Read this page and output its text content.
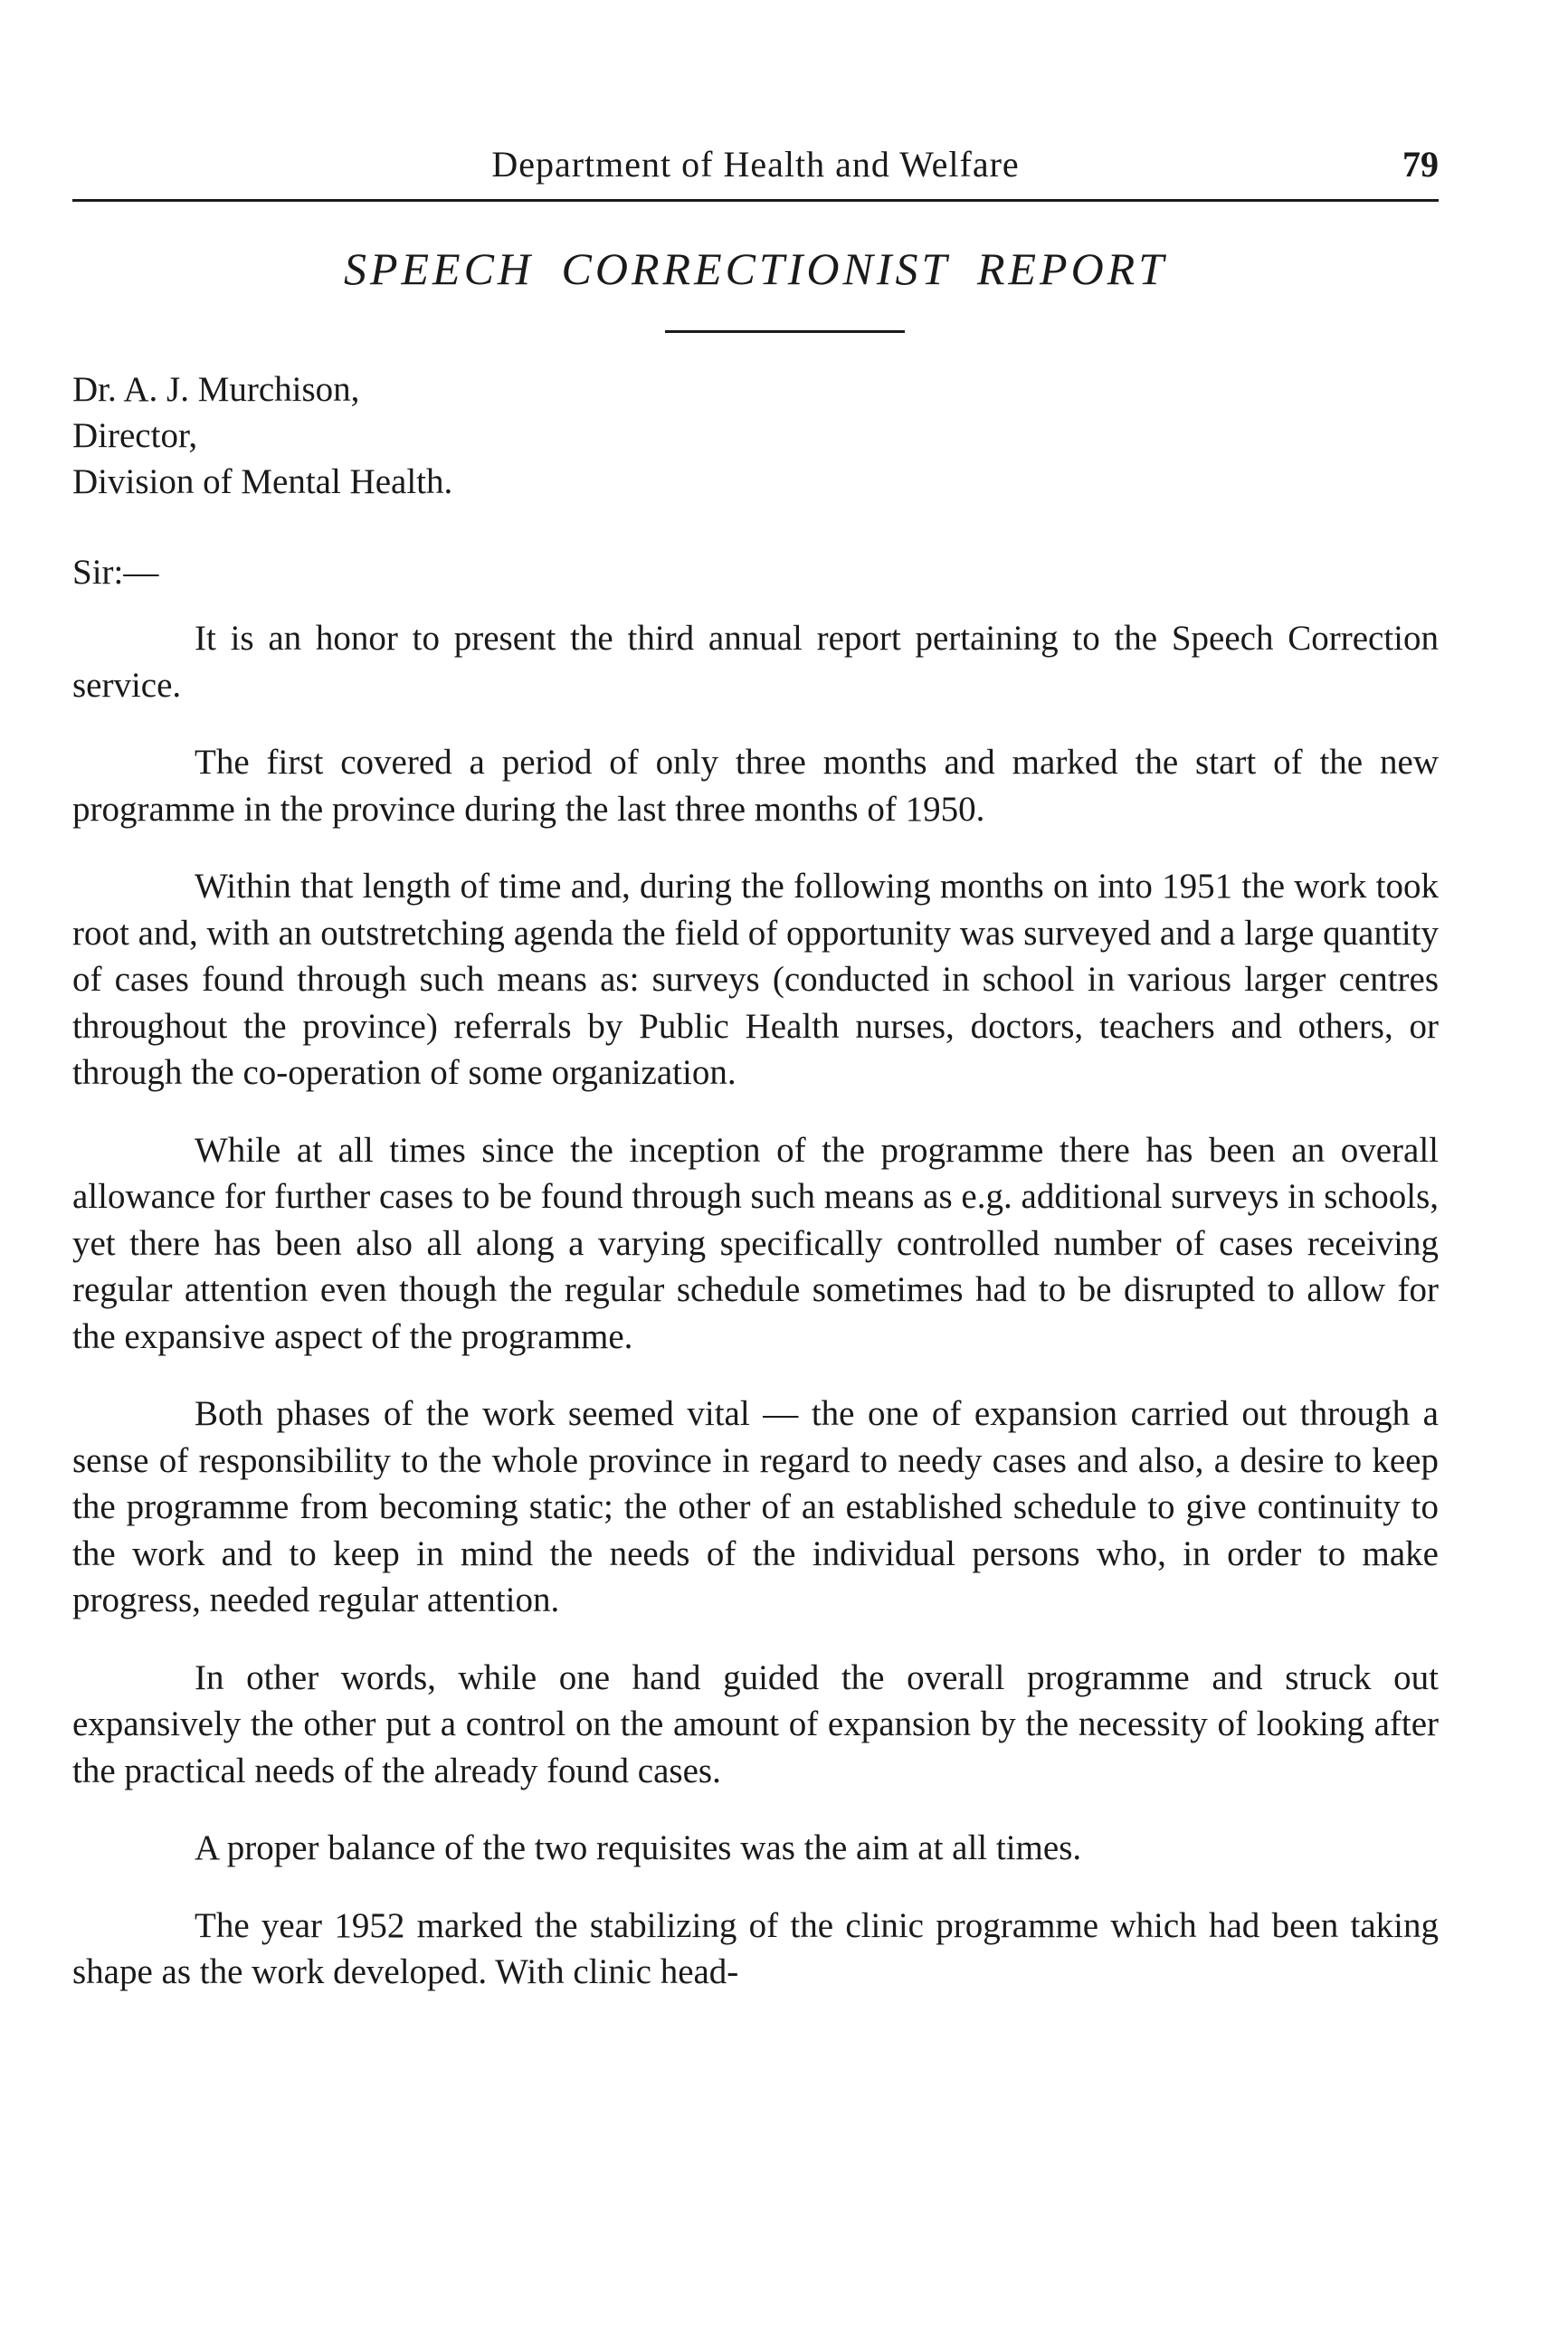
Department of Health and Welfare	79
SPEECH CORRECTIONIST REPORT
Dr. A. J. Murchison,
Director,
Division of Mental Health.
Sir:—

It is an honor to present the third annual report pertaining to the Speech Correction service.

The first covered a period of only three months and marked the start of the new programme in the province during the last three months of 1950.

Within that length of time and, during the following months on into 1951 the work took root and, with an outstretching agenda the field of opportunity was surveyed and a large quantity of cases found through such means as: surveys (conducted in school in various larger centres throughout the province) referrals by Public Health nurses, doctors, teachers and others, or through the co-operation of some organization.

While at all times since the inception of the programme there has been an overall allowance for further cases to be found through such means as e.g. additional surveys in schools, yet there has been also all along a varying specifically controlled number of cases receiving regular attention even though the regular schedule sometimes had to be disrupted to allow for the expansive aspect of the programme.

Both phases of the work seemed vital — the one of expansion carried out through a sense of responsibility to the whole province in regard to needy cases and also, a desire to keep the programme from becoming static; the other of an established schedule to give continuity to the work and to keep in mind the needs of the individual persons who, in order to make progress, needed regular attention.

In other words, while one hand guided the overall programme and struck out expansively the other put a control on the amount of expansion by the necessity of looking after the practical needs of the already found cases.

A proper balance of the two requisites was the aim at all times.

The year 1952 marked the stabilizing of the clinic programme which had been taking shape as the work developed. With clinic head-
